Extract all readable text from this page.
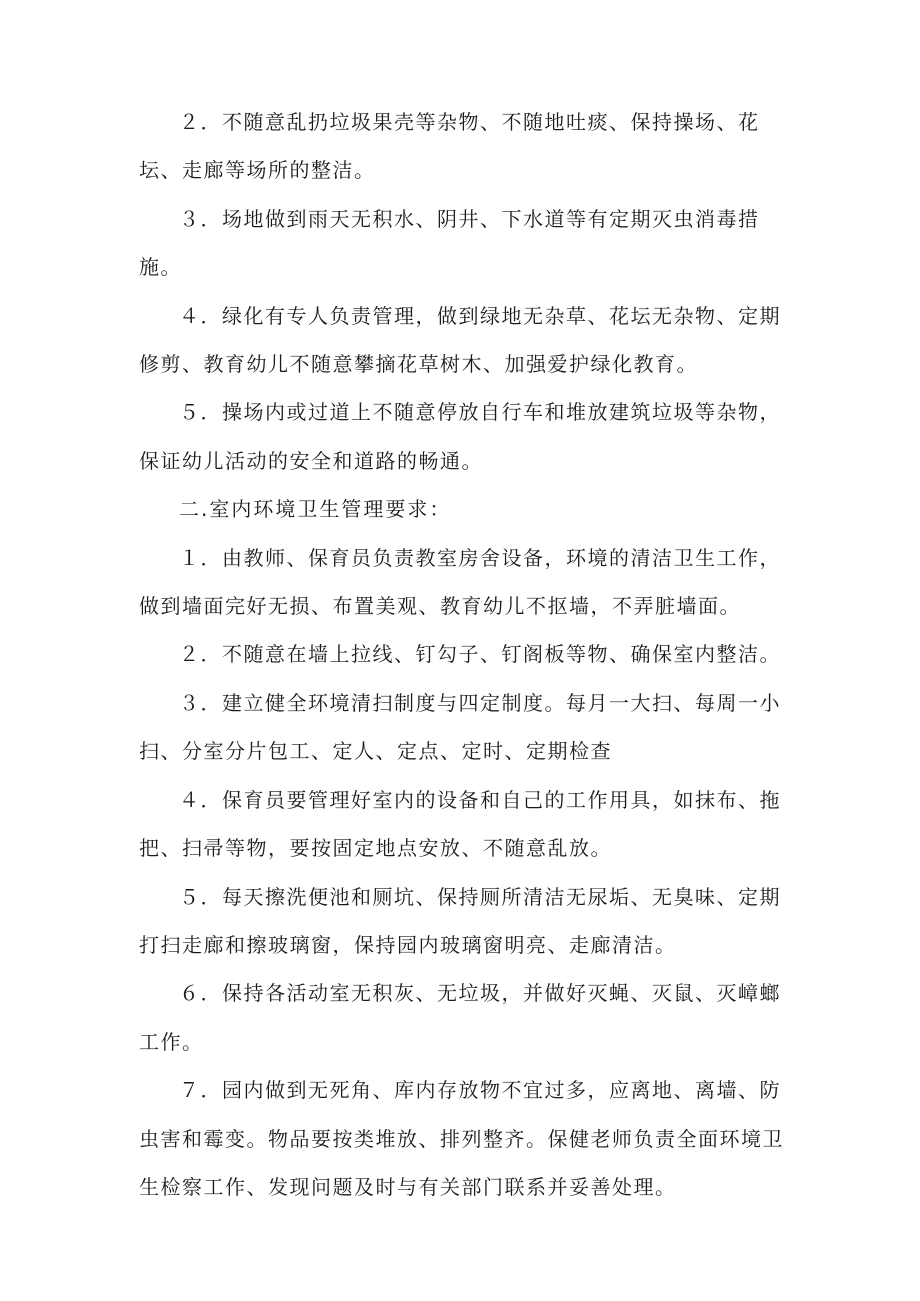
２．不随意乱扔垃圾果壳等杂物、不随地吐痰、保持操场、花坛、走廊等场所的整洁。

３．场地做到雨天无积水、阴井、下水道等有定期灭虫消毒措施。

４．绿化有专人负责管理，做到绿地无杂草、花坛无杂物、定期修剪、教育幼儿不随意攀摘花草树木、加强爱护绿化教育。

５．操场内或过道上不随意停放自行车和堆放建筑垃圾等杂物，保证幼儿活动的安全和道路的畅通。

二.室内环境卫生管理要求：

１．由教师、保育员负责教室房舍设备，环境的清洁卫生工作，做到墙面完好无损、布置美观、教育幼儿不抠墙，不弄脏墙面。

２．不随意在墙上拉线、钉勾子、钉阁板等物、确保室内整洁。

３．建立健全环境清扫制度与四定制度。每月一大扫、每周一小扫、分室分片包工、定人、定点、定时、定期检查

４．保育员要管理好室内的设备和自己的工作用具，如抹布、拖把、扫帚等物，要按固定地点安放、不随意乱放。

５．每天擦洗便池和厕坑、保持厕所清洁无尿垢、无臭味、定期打扫走廊和擦玻璃窗，保持园内玻璃窗明亮、走廊清洁。

６．保持各活动室无积灰、无垃圾，并做好灭蝇、灭鼠、灭嶂螂工作。

７．园内做到无死角、库内存放物不宜过多，应离地、离墙、防虫害和霉变。物品要按类堆放、排列整齐。保健老师负责全面环境卫生检察工作、发现问题及时与有关部门联系并妥善处理。
